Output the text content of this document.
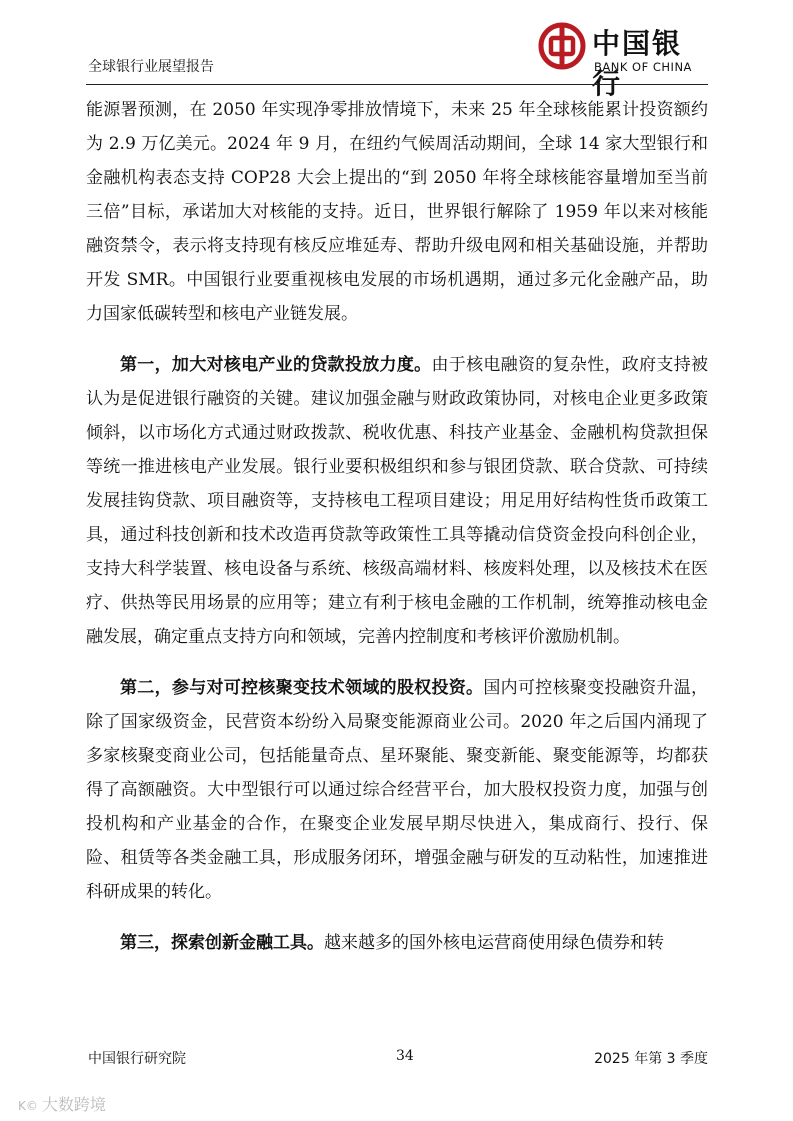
全球银行业展望报告
中国银行
BANK OF CHINA

能源署预测，在 2050 年实现净零排放情境下，未来 25 年全球核能累计投资额约为 2.9 万亿美元。2024 年 9 月，在纽约气候周活动期间，全球 14 家大型银行和金融机构表态支持 COP28 大会上提出的“到 2050 年将全球核能容量增加至当前三倍”目标，承诺加大对核能的支持。近日，世界银行解除了 1959 年以来对核能融资禁令，表示将支持现有核反应堆延寿、帮助升级电网和相关基础设施，并帮助开发 SMR。中国银行业要重视核电发展的市场机遇期，通过多元化金融产品，助力国家低碳转型和核电产业链发展。

第一，加大对核电产业的贷款投放力度。由于核电融资的复杂性，政府支持被认为是促进银行融资的关键。建议加强金融与财政政策协同，对核电企业更多政策倾斜，以市场化方式通过财政拨款、税收优惠、科技产业基金、金融机构贷款担保等统一推进核电产业发展。银行业要积极组织和参与银团贷款、联合贷款、可持续发展挂钩贷款、项目融资等，支持核电工程项目建设；用足用好结构性货币政策工具，通过科技创新和技术改造再贷款等政策性工具等撬动信贷资金投向科创企业，支持大科学装置、核电设备与系统、核级高端材料、核废料处理，以及核技术在医疗、供热等民用场景的应用等；建立有利于核电金融的工作机制，统筹推动核电金融发展，确定重点支持方向和领域，完善内控制度和考核评价激励机制。

第二，参与对可控核聚变技术领域的股权投资。国内可控核聚变投融资升温，除了国家级资金，民营资本纷纷入局聚变能源商业公司。2020 年之后国内涌现了多家核聚变商业公司，包括能量奇点、星环聚能、聚变新能、聚变能源等，均都获得了高额融资。大中型银行可以通过综合经营平台，加大股权投资力度，加强与创投机构和产业基金的合作，在聚变企业发展早期尽快进入，集成商行、投行、保险、租赁等各类金融工具，形成服务闭环，增强金融与研发的互动粘性，加速推进科研成果的转化。

第三，探索创新金融工具。越来越多的国外核电运营商使用绿色债券和转

中国银行研究院	34	2025 年第 3 季度
K© 大数跨境
